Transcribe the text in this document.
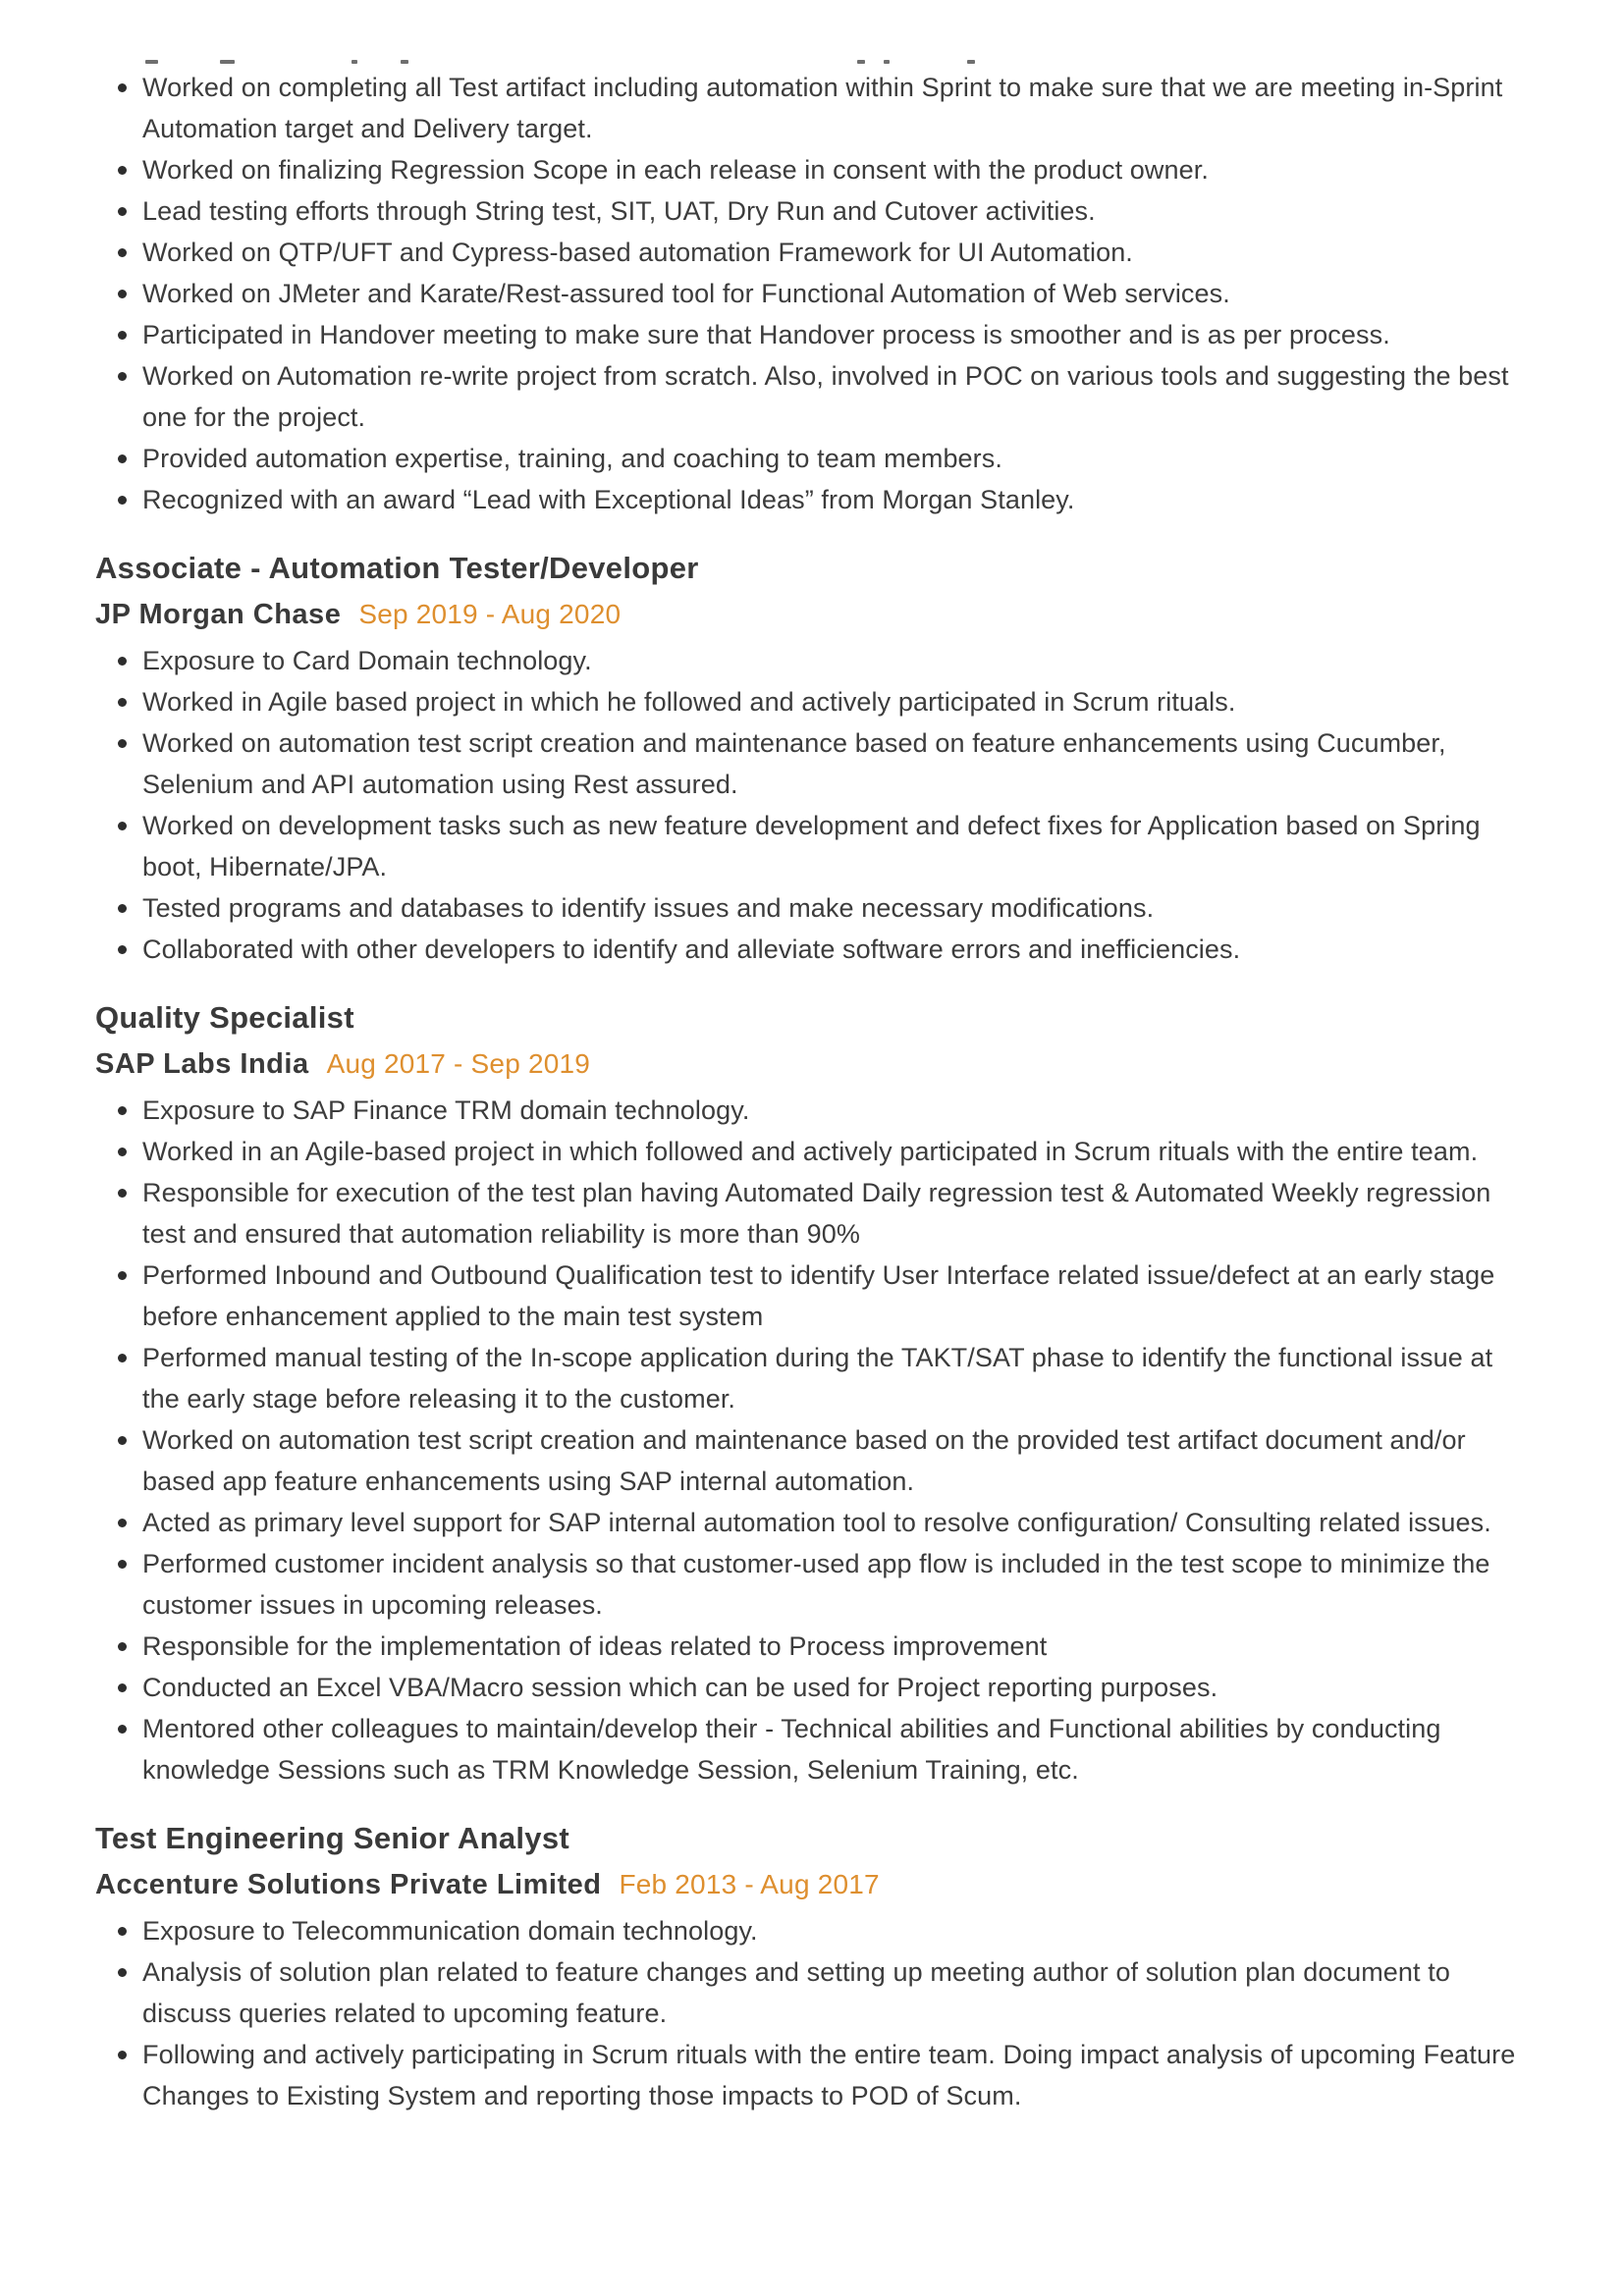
Worked on completing all Test artifact including automation within Sprint to make sure that we are meeting in-Sprint Automation target and Delivery target.
Worked on finalizing Regression Scope in each release in consent with the product owner.
Lead testing efforts through String test, SIT, UAT, Dry Run and Cutover activities.
Worked on QTP/UFT and Cypress-based automation Framework for UI Automation.
Worked on JMeter and Karate/Rest-assured tool for Functional Automation of Web services.
Participated in Handover meeting to make sure that Handover process is smoother and is as per process.
Worked on Automation re-write project from scratch. Also, involved in POC on various tools and suggesting the best one for the project.
Provided automation expertise, training, and coaching to team members.
Recognized with an award “Lead with Exceptional Ideas” from Morgan Stanley.
Associate - Automation Tester/Developer
JP Morgan Chase Sep 2019 - Aug 2020
Exposure to Card Domain technology.
Worked in Agile based project in which he followed and actively participated in Scrum rituals.
Worked on automation test script creation and maintenance based on feature enhancements using Cucumber, Selenium and API automation using Rest assured.
Worked on development tasks such as new feature development and defect fixes for Application based on Spring boot, Hibernate/JPA.
Tested programs and databases to identify issues and make necessary modifications.
Collaborated with other developers to identify and alleviate software errors and inefficiencies.
Quality Specialist
SAP Labs India Aug 2017 - Sep 2019
Exposure to SAP Finance TRM domain technology.
Worked in an Agile-based project in which followed and actively participated in Scrum rituals with the entire team.
Responsible for execution of the test plan having Automated Daily regression test & Automated Weekly regression test and ensured that automation reliability is more than 90%
Performed Inbound and Outbound Qualification test to identify User Interface related issue/defect at an early stage before enhancement applied to the main test system
Performed manual testing of the In-scope application during the TAKT/SAT phase to identify the functional issue at the early stage before releasing it to the customer.
Worked on automation test script creation and maintenance based on the provided test artifact document and/or based app feature enhancements using SAP internal automation.
Acted as primary level support for SAP internal automation tool to resolve configuration/ Consulting related issues.
Performed customer incident analysis so that customer-used app flow is included in the test scope to minimize the customer issues in upcoming releases.
Responsible for the implementation of ideas related to Process improvement
Conducted an Excel VBA/Macro session which can be used for Project reporting purposes.
Mentored other colleagues to maintain/develop their - Technical abilities and Functional abilities by conducting knowledge Sessions such as TRM Knowledge Session, Selenium Training, etc.
Test Engineering Senior Analyst
Accenture Solutions Private Limited Feb 2013 - Aug 2017
Exposure to Telecommunication domain technology.
Analysis of solution plan related to feature changes and setting up meeting author of solution plan document to discuss queries related to upcoming feature.
Following and actively participating in Scrum rituals with the entire team. Doing impact analysis of upcoming Feature Changes to Existing System and reporting those impacts to POD of Scum.
